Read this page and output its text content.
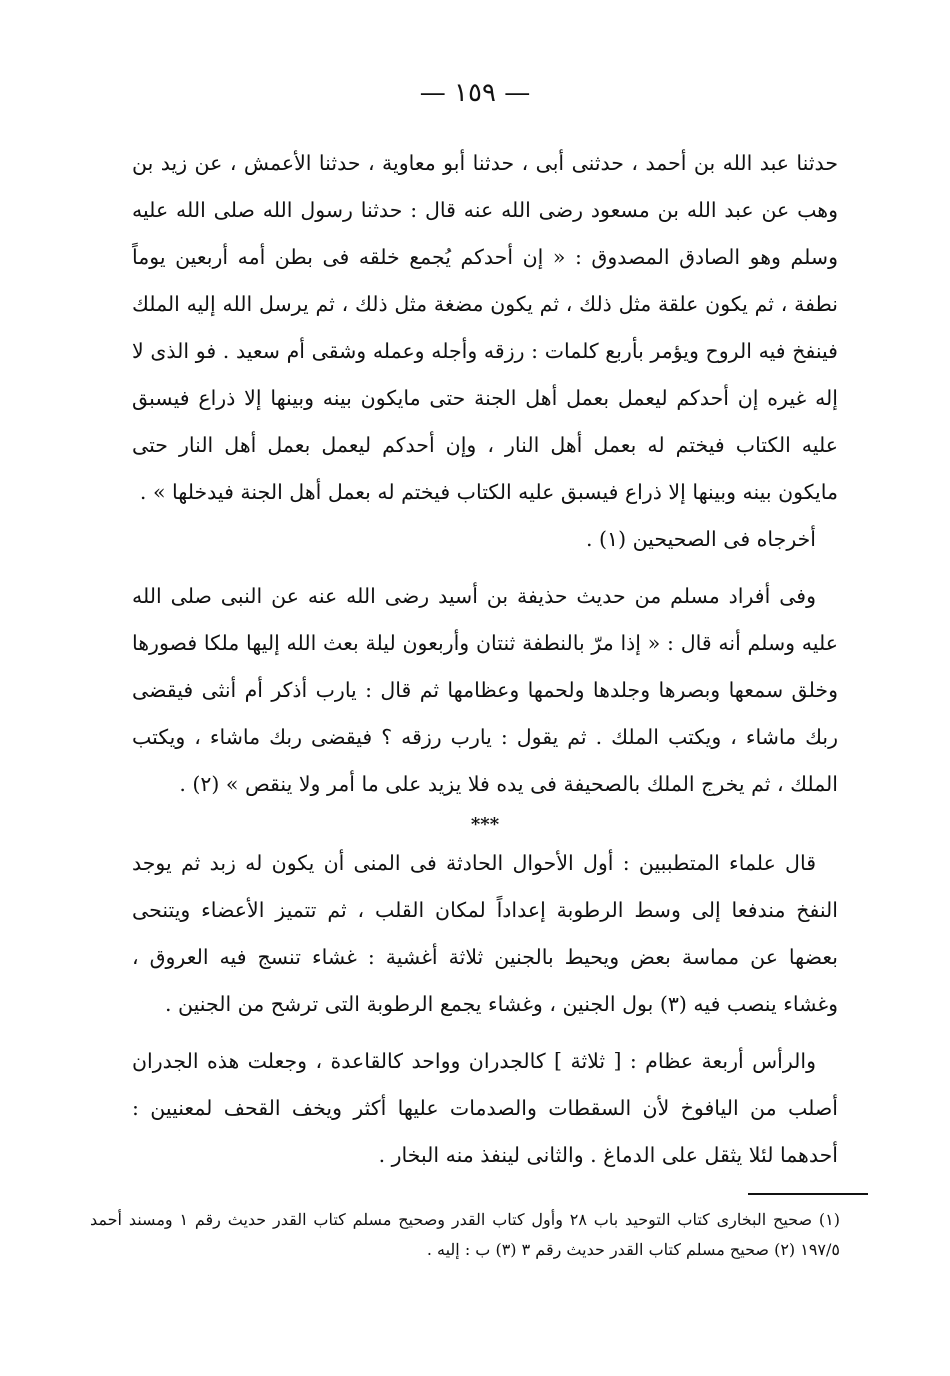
— ١٥٩ —

حدثنا عبد الله بن أحمد ، حدثنى أبى ، حدثنا أبو معاوية ، حدثنا الأعمش ، عن زيد بن وهب عن عبد الله بن مسعود رضى الله عنه قال : حدثنا رسول الله صلى الله عليه وسلم وهو الصادق المصدوق : « إن أحدكم يُجمع خلقه فى بطن أمه أربعين يوماً نطفة ، ثم يكون علقة مثل ذلك ، ثم يكون مضغة مثل ذلك ، ثم يرسل الله إليه الملك فينفخ فيه الروح ويؤمر بأربع كلمات : رزقه وأجله وعمله وشقى أم سعيد . فو الذى لا إله غيره إن أحدكم ليعمل بعمل أهل الجنة حتى مايكون بينه وبينها إلا ذراع فيسبق عليه الكتاب فيختم له بعمل أهل النار ، وإن أحدكم ليعمل بعمل أهل النار حتى مايكون بينه وبينها إلا ذراع فيسبق عليه الكتاب فيختم له بعمل أهل الجنة فيدخلها » .

أخرجاه فى الصحيحين (١) .

وفى أفراد مسلم من حديث حذيفة بن أسيد رضى الله عنه عن النبى صلى الله عليه وسلم أنه قال : « إذا مرّ بالنطفة ثنتان وأربعون ليلة بعث الله إليها ملكا فصورها وخلق سمعها وبصرها وجلدها ولحمها وعظامها ثم قال : يارب أذكر أم أنثى فيقضى ربك ماشاء ، ويكتب الملك . ثم يقول : يارب رزقه ؟ فيقضى ربك ماشاء ، ويكتب الملك ، ثم يخرج الملك بالصحيفة فى يده فلا يزيد على ما أمر ولا ينقص » (٢) .

***

قال علماء المتطببين : أول الأحوال الحادثة فى المنى أن يكون له زبد ثم يوجد النفخ مندفعا إلى وسط الرطوبة إعداداً لمكان القلب ، ثم تتميز الأعضاء ويتنحى بعضها عن مماسة بعض ويحيط بالجنين ثلاثة أغشية : غشاء تنسج فيه العروق ، وغشاء ينصب فيه (٣) بول الجنين ، وغشاء يجمع الرطوبة التى ترشح من الجنين .

والرأس أربعة عظام : [ ثلاثة ] كالجدران وواحد كالقاعدة ، وجعلت هذه الجدران أصلب من اليافوخ لأن السقطات والصدمات عليها أكثر ويخف القحف لمعنيين : أحدهما لئلا يثقل على الدماغ . والثانى لينفذ منه البخار .

(١) صحيح البخارى كتاب التوحيد باب ٢٨ وأول كتاب القدر وصحيح مسلم كتاب القدر حديث رقم ١ ومسند أحمد ١٩٧/٥ (٢) صحيح مسلم كتاب القدر حديث رقم ٣ (٣) ب : إليه .
